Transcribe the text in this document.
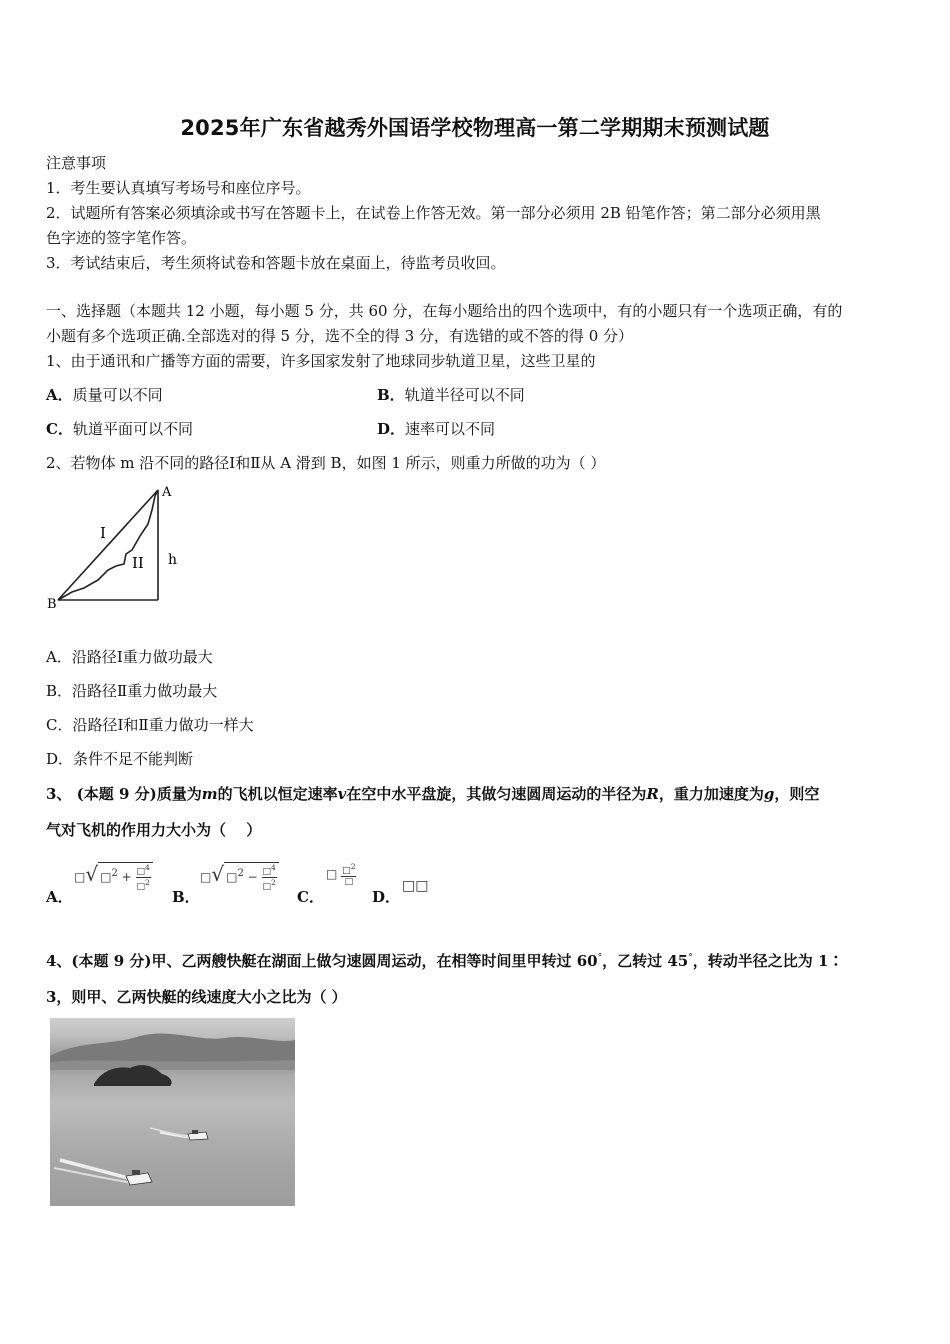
2025年广东省越秀外国语学校物理高一第二学期期末预测试题
注意事项
1．考生要认真填写考场号和座位序号。
2．试题所有答案必须填涂或书写在答题卡上，在试卷上作答无效。第一部分必须用 2B 铅笔作答；第二部分必须用黑
色字迹的签字笔作答。
3．考试结束后，考生须将试卷和答题卡放在桌面上，待监考员收回。
一、选择题（本题共 12 小题，每小题 5 分，共 60 分，在每小题给出的四个选项中，有的小题只有一个选项正确，有的
小题有多个选项正确.全部选对的得 5 分，选不全的得 3 分，有选错的或不答的得 0 分）
1、由于通讯和广播等方面的需要，许多国家发射了地球同步轨道卫星，这些卫星的
A．质量可以不同	B．轨道半径可以不同
C．轨道平面可以不同	D．速率可以不同
2、若物体 m 沿不同的路径Ⅰ和Ⅱ从 A 滑到 B，如图 1 所示，则重力所做的功为（ ）
A
B
I
II h
A．沿路径Ⅰ重力做功最大
B．沿路径Ⅱ重力做功最大
C．沿路径Ⅰ和Ⅱ重力做功一样大
D．条件不足不能判断
3、 (本题 9 分)质量为m的飞机以恒定速率v在空中水平盘旋，其做匀速圆周运动的半径为R，重力加速度为g，则空
气对飞机的作用力大小为（　 ）
A．
□√ □$^2$ + $\frac{□^4}{□^2}$
B．
□√ □$^2$ − $\frac{□^4}{□^2}$
C．
□ $\frac{□^2}{□}$
D．
□□
4、(本题 9 分)甲、乙两艘快艇在湖面上做匀速圆周运动，在相等时间里甲转过 60°，乙转过 45°，转动半径之比为 1∶
3，则甲、乙两快艇的线速度大小之比为（ ）
